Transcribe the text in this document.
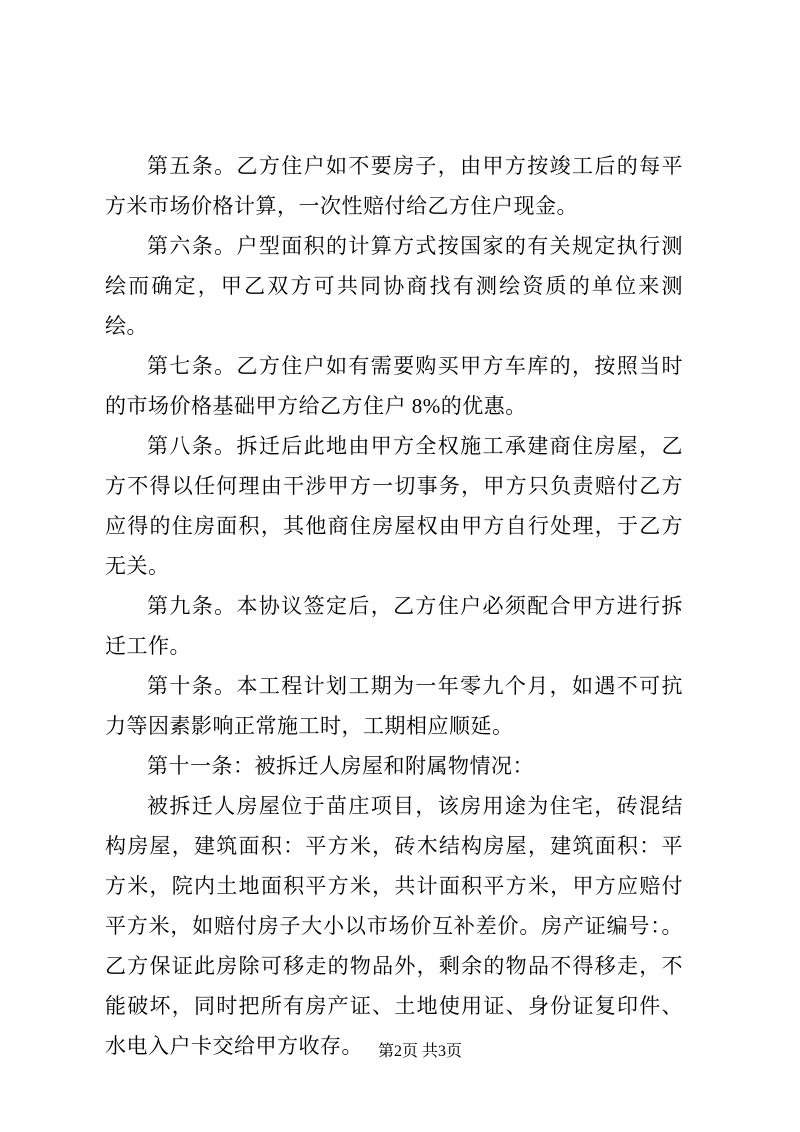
第五条。乙方住户如不要房子，由甲方按竣工后的每平方米市场价格计算，一次性赔付给乙方住户现金。

第六条。户型面积的计算方式按国家的有关规定执行测绘而确定，甲乙双方可共同协商找有测绘资质的单位来测绘。

第七条。乙方住户如有需要购买甲方车库的，按照当时的市场价格基础甲方给乙方住户 8%的优惠。

第八条。拆迁后此地由甲方全权施工承建商住房屋，乙方不得以任何理由干涉甲方一切事务，甲方只负责赔付乙方应得的住房面积，其他商住房屋权由甲方自行处理，于乙方无关。

第九条。本协议签定后，乙方住户必须配合甲方进行拆迁工作。

第十条。本工程计划工期为一年零九个月，如遇不可抗力等因素影响正常施工时，工期相应顺延。

第十一条：被拆迁人房屋和附属物情况：

被拆迁人房屋位于苗庄项目，该房用途为住宅，砖混结构房屋，建筑面积：平方米，砖木结构房屋，建筑面积：平方米，院内土地面积平方米，共计面积平方米，甲方应赔付平方米，如赔付房子大小以市场价互补差价。房产证编号：。乙方保证此房除可移走的物品外，剩余的物品不得移走，不能破坏，同时把所有房产证、土地使用证、身份证复印件、水电入户卡交给甲方收存。 第2页 共3页
